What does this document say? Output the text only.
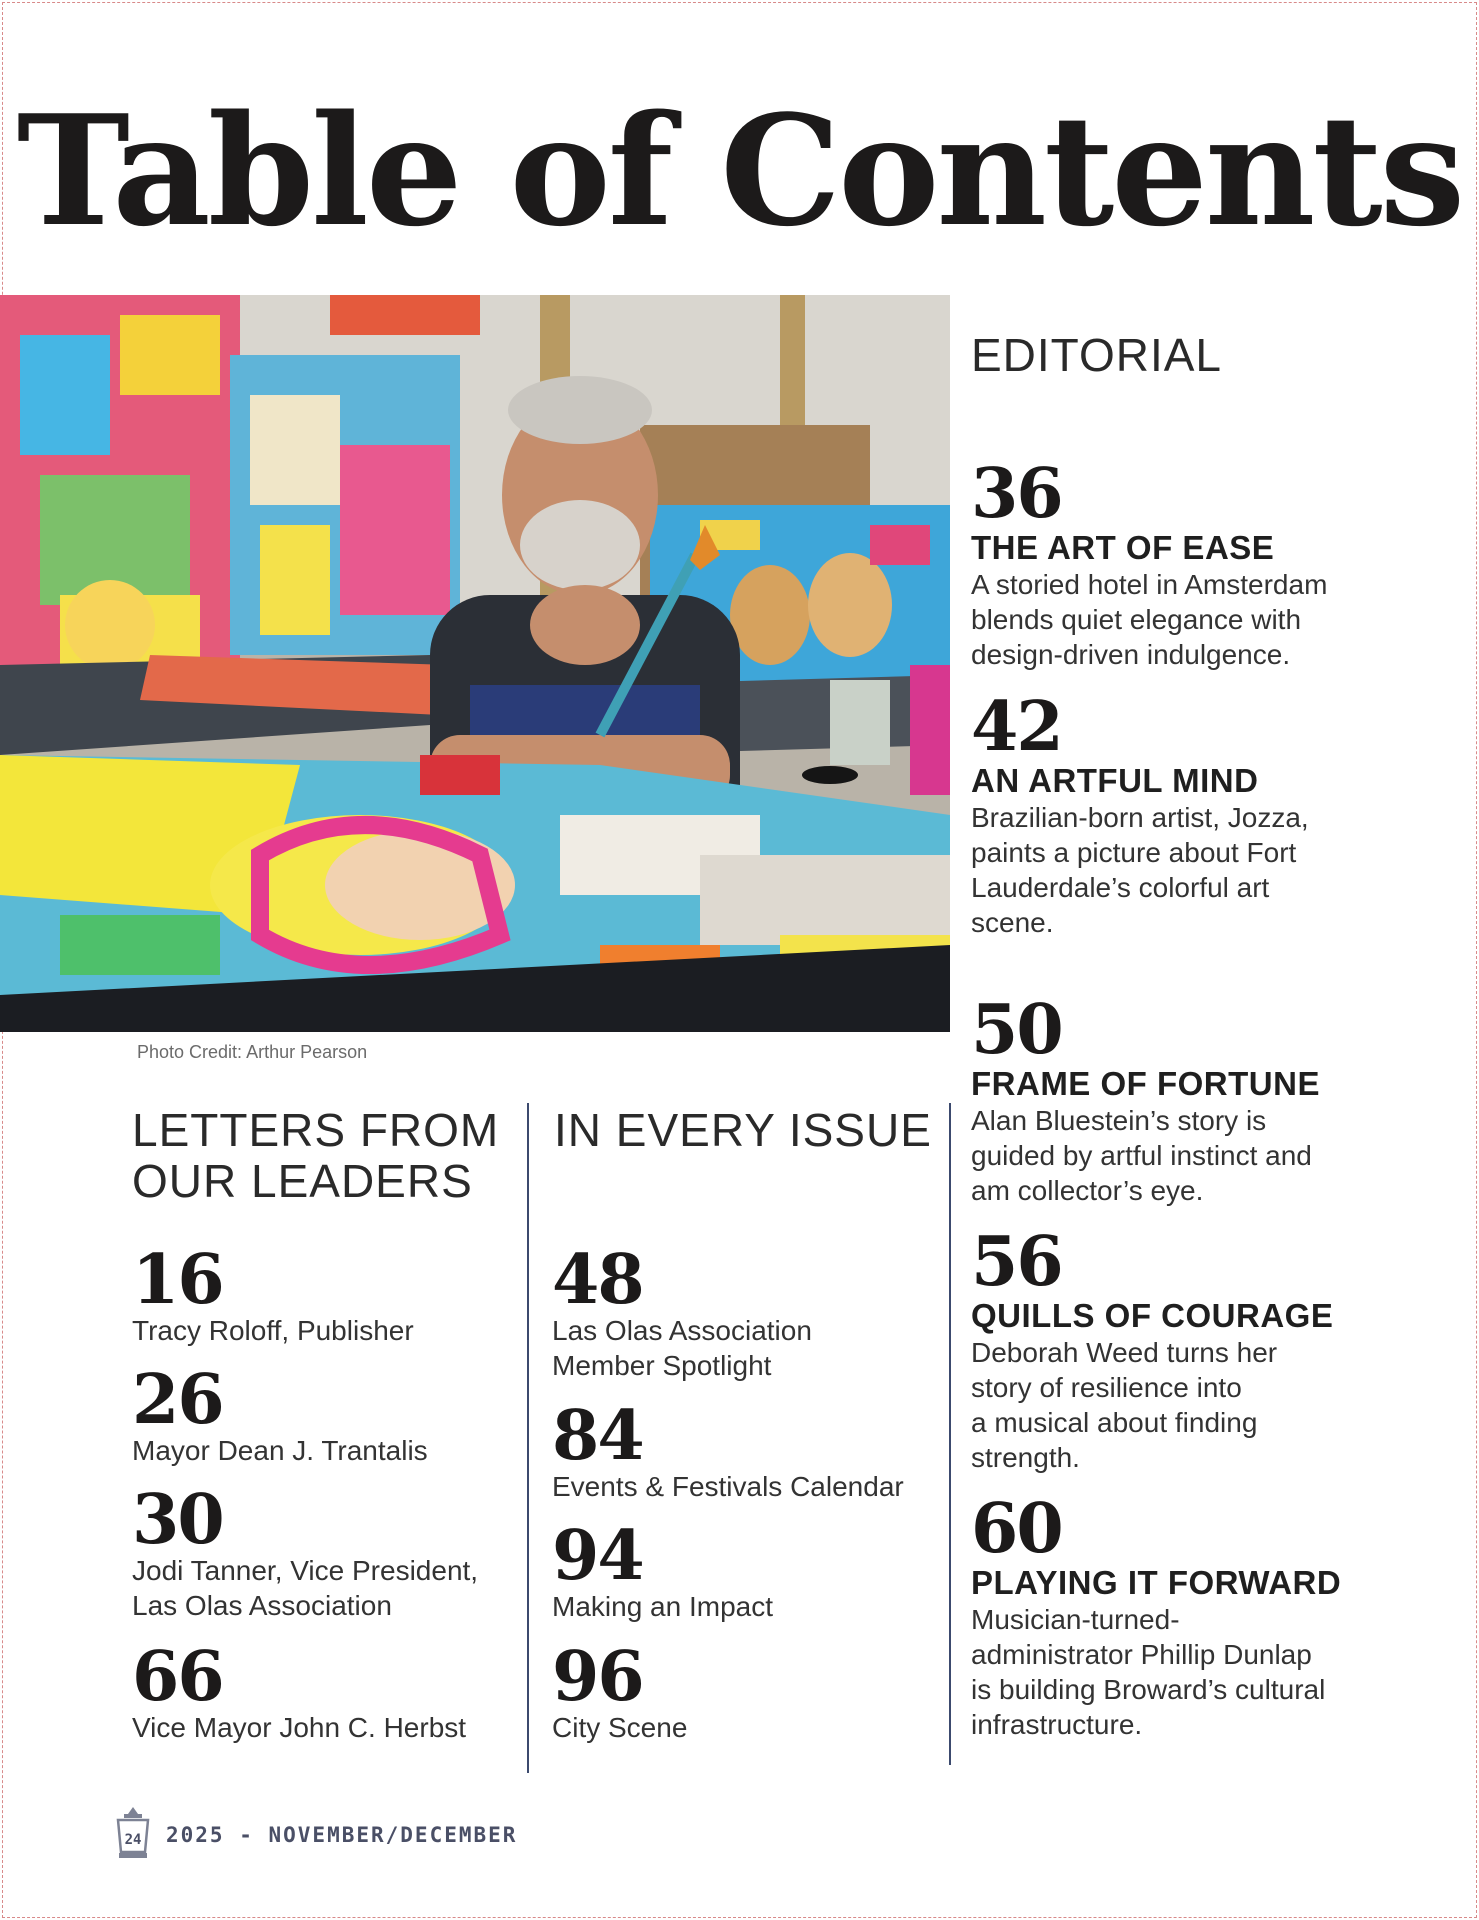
Table of Contents
Photo Credit: Arthur Pearson
EDITORIAL
36
THE ART OF EASE
A storied hotel in Amsterdam
blends quiet elegance with
design-driven indulgence.
42
AN ARTFUL MIND
Brazilian-born artist, Jozza,
paints a picture about Fort
Lauderdale’s colorful art
scene.
50
FRAME OF FORTUNE
Alan Bluestein’s story is
guided by artful instinct and
am collector’s eye.
56
QUILLS OF COURAGE
Deborah Weed turns her
story of resilience into
a musical about finding
strength.
60
PLAYING IT FORWARD
Musician-turned-
administrator Phillip Dunlap
is building Broward’s cultural
infrastructure.
LETTERS FROM
OUR LEADERS
16
Tracy Roloff, Publisher
26
Mayor Dean J. Trantalis
30
Jodi Tanner, Vice President,
Las Olas Association
66
Vice Mayor John C. Herbst
IN EVERY ISSUE
48
Las Olas Association
Member Spotlight
84
Events & Festivals Calendar
94
Making an Impact
96
City Scene
24 2025 - NOVEMBER/DECEMBER
